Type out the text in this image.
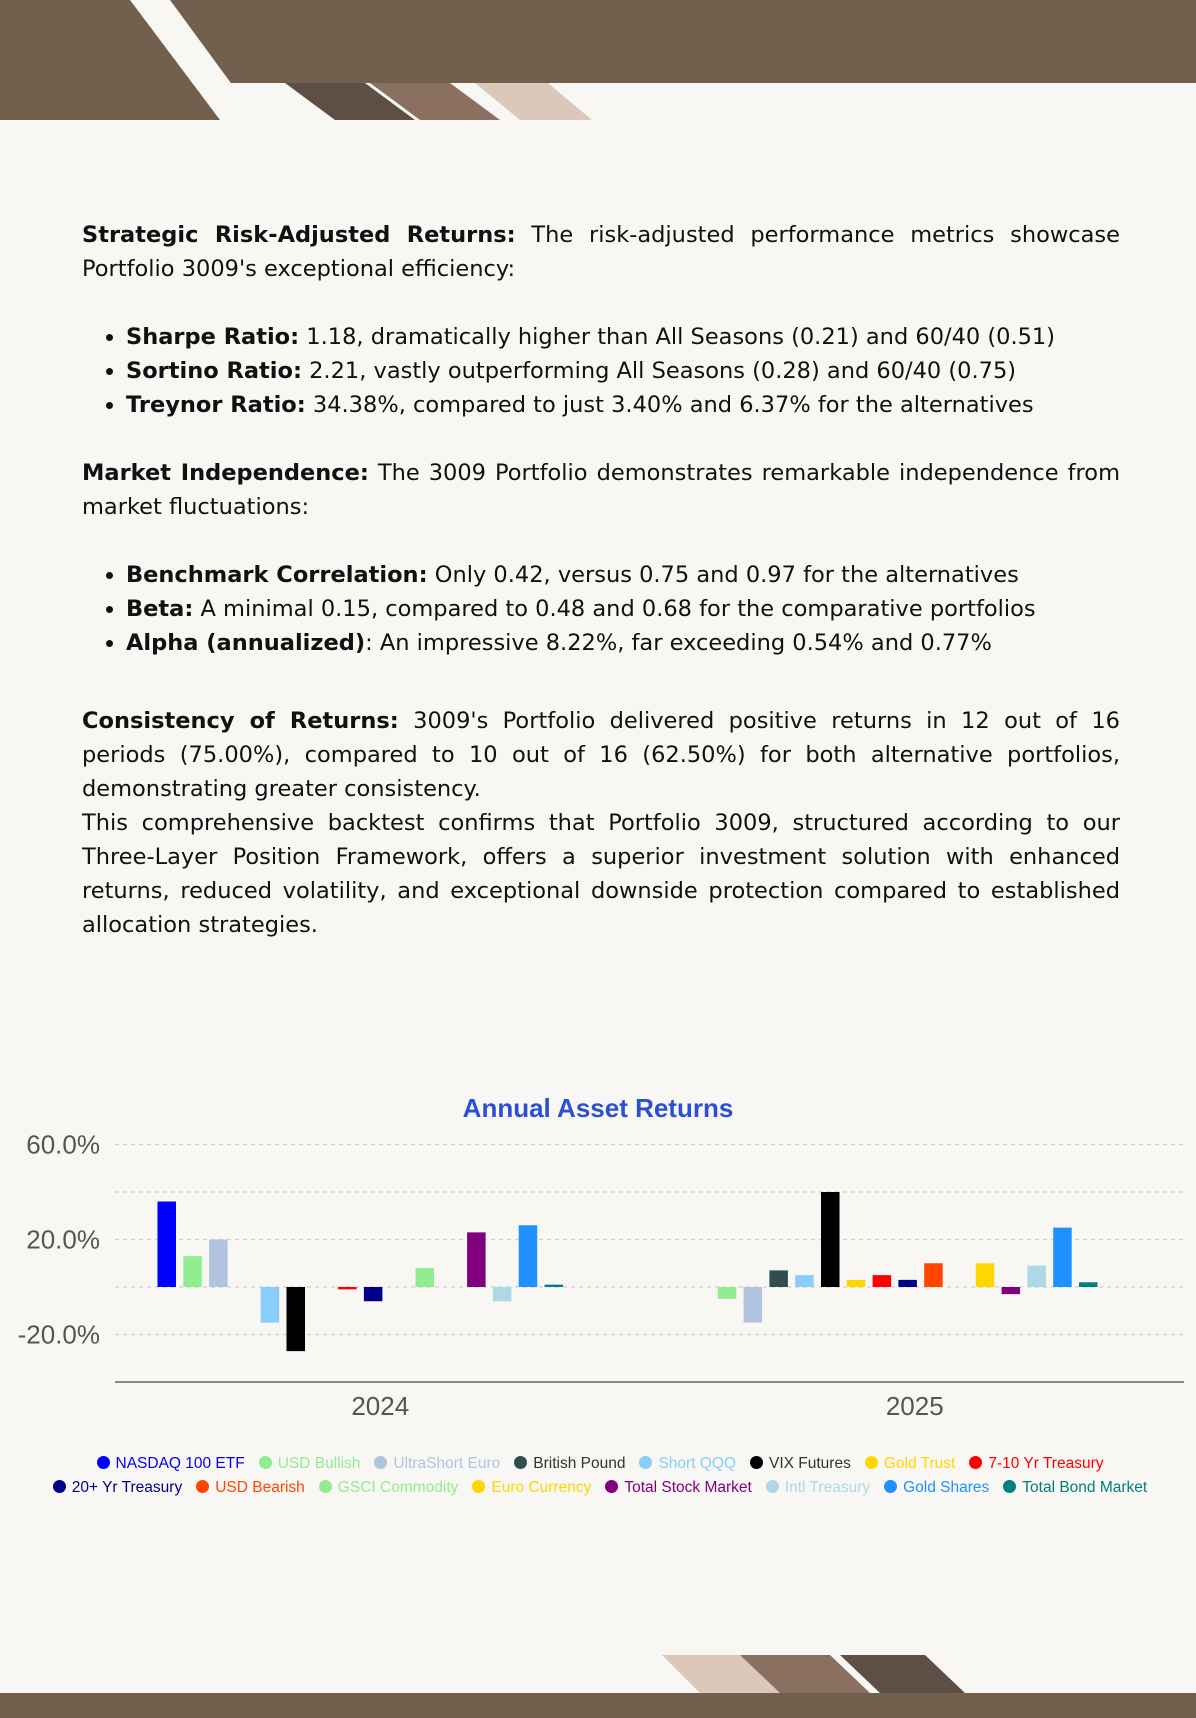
Strategic Risk-Adjusted Returns: The risk-adjusted performance metrics showcase Portfolio 3009's exceptional efficiency:

• Sharpe Ratio: 1.18, dramatically higher than All Seasons (0.21) and 60/40 (0.51)
• Sortino Ratio: 2.21, vastly outperforming All Seasons (0.28) and 60/40 (0.75)
• Treynor Ratio: 34.38%, compared to just 3.40% and 6.37% for the alternatives

Market Independence: The 3009 Portfolio demonstrates remarkable independence from market fluctuations:

• Benchmark Correlation: Only 0.42, versus 0.75 and 0.97 for the alternatives
• Beta: A minimal 0.15, compared to 0.48 and 0.68 for the comparative portfolios
• Alpha (annualized): An impressive 8.22%, far exceeding 0.54% and 0.77%

Consistency of Returns: 3009's Portfolio delivered positive returns in 12 out of 16 periods (75.00%), compared to 10 out of 16 (62.50%) for both alternative portfolios, demonstrating greater consistency.

This comprehensive backtest confirms that Portfolio 3009, structured according to our Three-Layer Position Framework, offers a superior investment solution with enhanced returns, reduced volatility, and exceptional downside protection compared to established allocation strategies.

Annual Asset Returns
60.0%
20.0%
-20.0%
2024	2025
NASDAQ 100 ETF USD Bullish UltraShort Euro British Pound Short QQQ VIX Futures Gold Trust 7-10 Yr Treasury20+ Yr Treasury USD Bearish GSCI Commodity Euro Currency Total Stock Market Intl Treasury Gold Shares Total Bond Market
